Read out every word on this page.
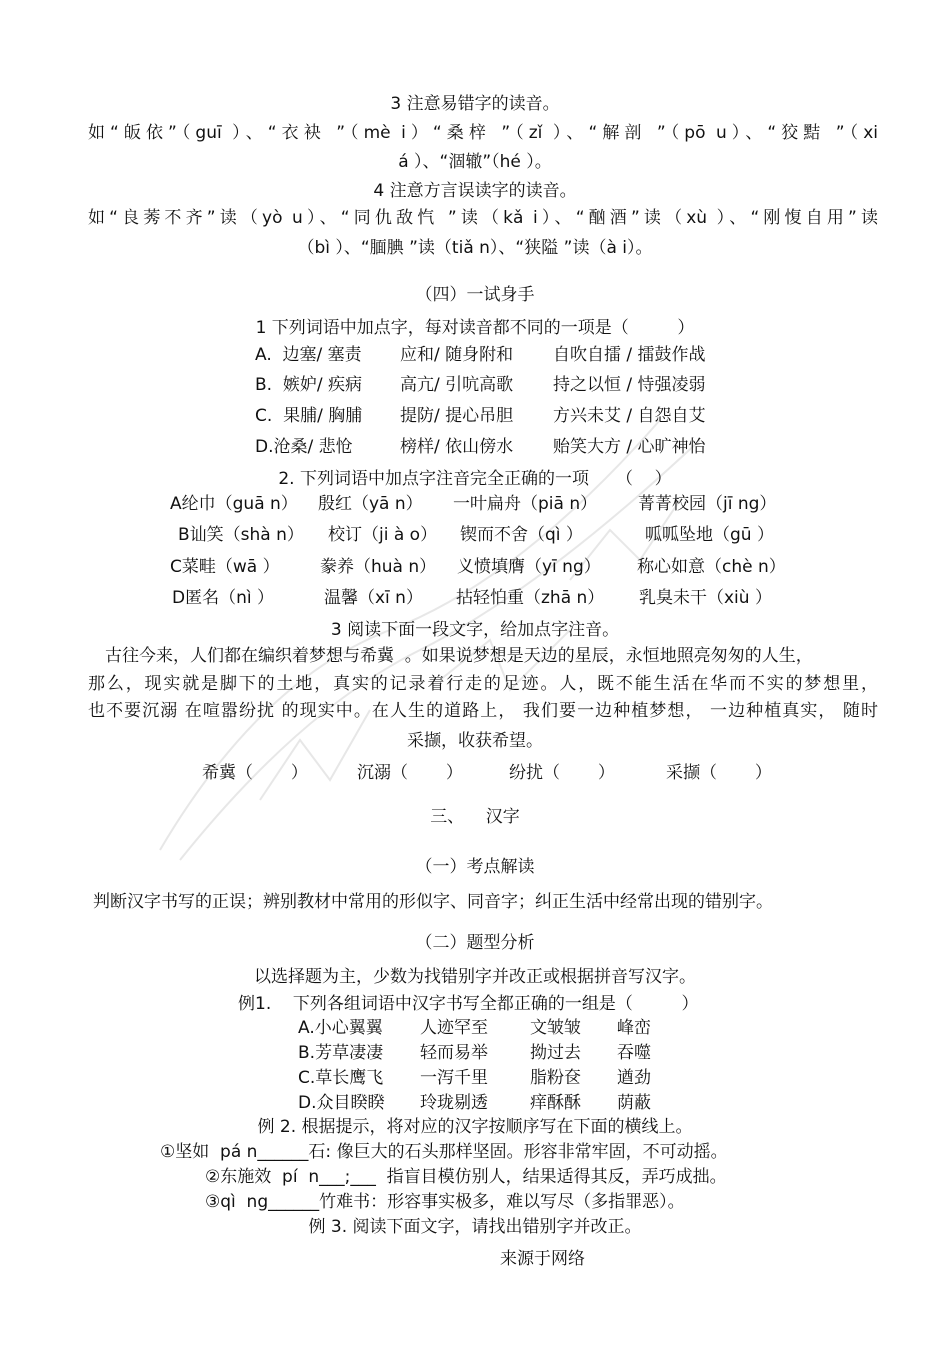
3 注意易错字的读音。
如“皈依”（guī ）、“衣袂 ”（mè i）“桑梓 ”（zǐ ）、“解剖 ”（pō u）、“狡黠 ”（xi
á ）、“涸辙”（hé ）。
4 注意方言误读字的读音。
如“良莠不齐”读（yò u）、“同仇敌忾 ”读（kǎ i）、“酗酒”读（xù ）、“刚愎自用”读
（bì ）、“腼腆 ”读（tiǎ n）、“狭隘 ”读（à i）。
（四）一试身手
1 下列词语中加点字，每对读音都不同的一项是（         ）
A.  边塞/ 塞责	应和/ 随身附和	自吹自擂 / 擂鼓作战
B.  嫉妒/ 疾病	高亢/ 引吭高歌	持之以恒 / 恃强凌弱
C.  果脯/ 胸脯	提防/ 提心吊胆	方兴未艾 / 自怨自艾
D.沧桑/ 悲怆	榜样/ 依山傍水	贻笑大方 / 心旷神怡
2. 下列词语中加点字注音完全正确的一项     （    ）
A纶巾（guā n）	殷红（yā n）	一叶扁舟（piā n）	菁菁校园（jī ng）
B讪笑（shà n）	校订（ji à o）	锲而不舍（qì ）	呱呱坠地（gū ）
C菜畦（wā ）	豢养（huà n）	义愤填膺（yī ng）	称心如意（chè n）
D匿名（nì ）	温馨（xī n）	拈轻怕重（zhā n）	乳臭未干（xiù ）
3 阅读下面一段文字，给加点字注音。
古往今来，人们都在编织着梦想与希冀  。如果说梦想是天边的星辰，永恒地照亮匆匆的人生，
那么，现实就是脚下的土地，真实的记录着行走的足迹。人，既不能生活在华而不实的梦想里，
也不要沉溺 在喧嚣纷扰 的现实中。在人生的道路上， 我们要一边种植梦想， 一边种植真实， 随时
采撷，收获希望。
希冀（       ）	沉溺（       ）	纷扰（       ）	采撷（       ）
三、    汉字
（一）考点解读
判断汉字书写的正误；辨别教材中常用的形似字、同音字；纠正生活中经常出现的错别字。
（二）题型分析
以选择题为主，少数为找错别字并改正或根据拼音写汉字。
例1.    下列各组词语中汉字书写全都正确的一组是（         ）
A.小心翼翼	人迹罕至	文皱皱	峰峦
B.芳草凄凄	轻而易举	拗过去	吞噬
C.草长鹰飞	一泻千里	脂粉奁	遒劲
D.众目睽睽	玲珑剔透	痒酥酥	荫蔽
例 2. 根据提示，将对应的汉字按顺序写在下面的横线上。
①坚如  pá n______石: 像巨大的石头那样坚固。形容非常牢固，不可动摇。
②东施效  pí  n___;___  指盲目模仿别人，结果适得其反，弄巧成拙。
③qì  ng______竹难书：形容事实极多，难以写尽（多指罪恶）。
例 3. 阅读下面文字，请找出错别字并改正。
来源于网络
